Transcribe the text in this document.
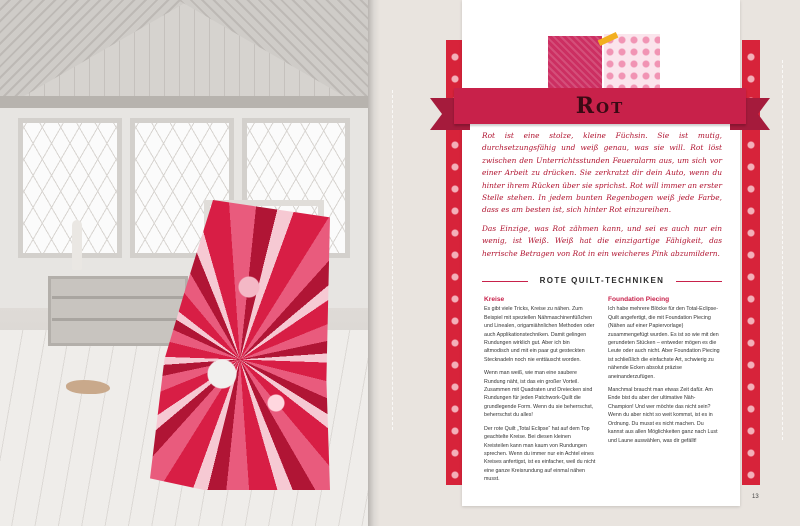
Rot

Rot ist eine stolze, kleine Füchsin. Sie ist mutig, durchsetzungsfähig und weiß genau, was sie will. Rot löst zwischen den Unterrichtsstunden Feueralarm aus, um sich vor einer Arbeit zu drücken. Sie zerkratzt dir dein Auto, wenn du hinter ihrem Rücken über sie sprichst. Rot will immer an erster Stelle stehen. In jedem bunten Regenbogen weiß jede Farbe, dass es am besten ist, sich hinter Rot einzureihen.

Das Einzige, was Rot zähmen kann, und sei es auch nur ein wenig, ist Weiß. Weiß hat die einzigartige Fähigkeit, das herrische Betragen von Rot in ein weicheres Pink abzumildern.

ROTE QUILT-TECHNIKEN
Kreise

Es gibt viele Tricks, Kreise zu nähen. Zum Beispiel mit speziellen Nähmaschinenfüßchen und Linealen, origamiähnlichen Methoden oder auch Applikationstechniken. Damit gelingen Rundungen wirklich gut. Aber ich bin altmodisch und mit ein paar gut gesteckten Stecknadeln noch nie enttäuscht worden.

Wenn man weiß, wie man eine saubere Rundung näht, ist das ein großer Vorteil. Zusammen mit Quadraten und Dreiecken sind Rundungen für jeden Patchwork-Quilt die grundlegende Form. Wenn du sie beherrschst, beherrschst du alles!

Der rote Quilt „Total Eclipse“ hat auf dem Top geachtelte Kreise. Bei diesen kleinen Kreisteilen kann man kaum von Rundungen sprechen. Wenn du immer nur ein Achtel eines Kreises anfertigst, ist es einfacher, weil du nicht eine ganze Kreisrundung auf einmal nähen musst.

Foundation Piecing

Ich habe mehrere Blöcke für den Total-Eclipse-Quilt angefertigt, die mit Foundation Piecing (Nähen auf einer Papiervorlage) zusammengefügt wurden. Es ist so wie mit den gerundeten Stücken – entweder mögen es die Leute oder auch nicht. Aber Foundation Piecing ist schließlich die einfachste Art, schwierig zu nähende Ecken absolut präzise aneinanderzufügen.

Manchmal braucht man etwas Zeit dafür. Am Ende bist du aber der ultimative Näh-Champion! Und wer möchte das nicht sein? Wenn du aber nicht so weit kommst, ist es in Ordnung. Du musst es nicht machen. Du kannst aus allen Möglichkeiten ganz nach Lust und Laune auswählen, was dir gefällt!

13
